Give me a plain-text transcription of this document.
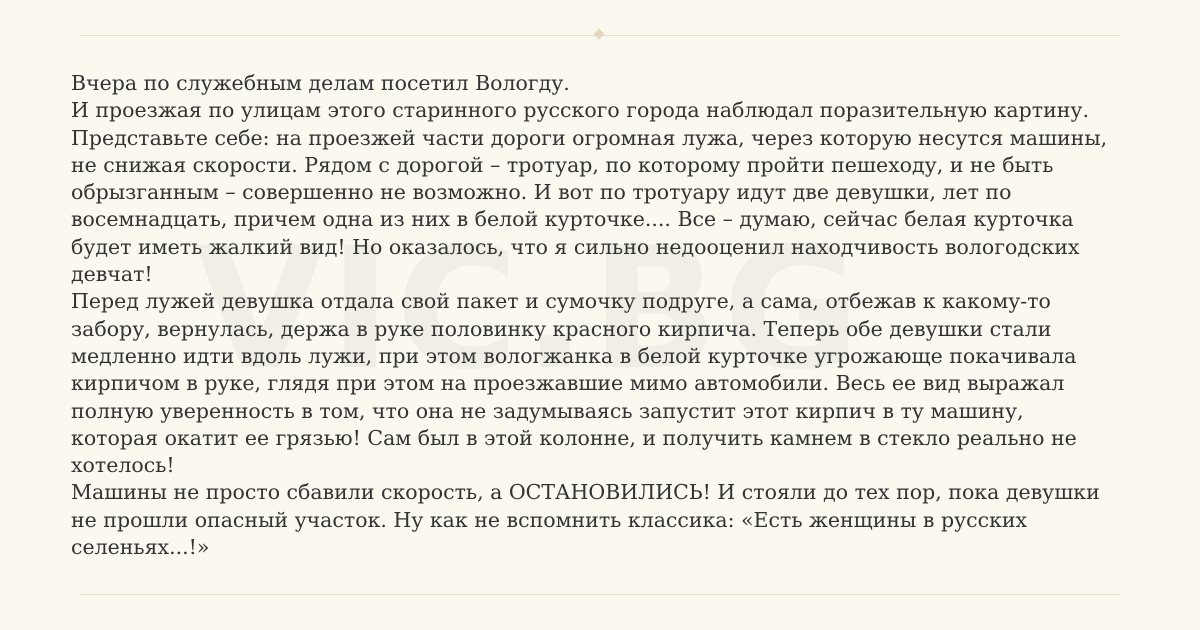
Вчера по служебным делам посетил Вологду.

И проезжая по улицам этого старинного русского города наблюдал поразительную картину.

Представьте себе: на проезжей части дороги огромная лужа, через которую несутся машины,

не снижая скорости. Рядом с дорогой – тротуар, по которому пройти пешеходу, и не быть

обрызганным – совершенно не возможно. И вот по тротуару идут две девушки, лет по

восемнадцать, причем одна из них в белой курточке.... Все – думаю, сейчас белая курточка

будет иметь жалкий вид! Но оказалось, что я сильно недооценил находчивость вологодских

девчат!

Перед лужей девушка отдала свой пакет и сумочку подруге, а сама, отбежав к какому-то

забору, вернулась, держа в руке половинку красного кирпича. Теперь обе девушки стали

медленно идти вдоль лужи, при этом вологжанка в белой курточке угрожающе покачивала

кирпичом в руке, глядя при этом на проезжавшие мимо автомобили. Весь ее вид выражал

полную уверенность в том, что она не задумываясь запустит этот кирпич в ту машину,

которая окатит ее грязью! Сам был в этой колонне, и получить камнем в стекло реально не

хотелось!

Машины не просто сбавили скорость, а ОСТАНОВИЛИСЬ! И стояли до тех пор, пока девушки

не прошли опасный участок. Ну как не вспомнить классика: «Есть женщины в русских

селеньях...!»
